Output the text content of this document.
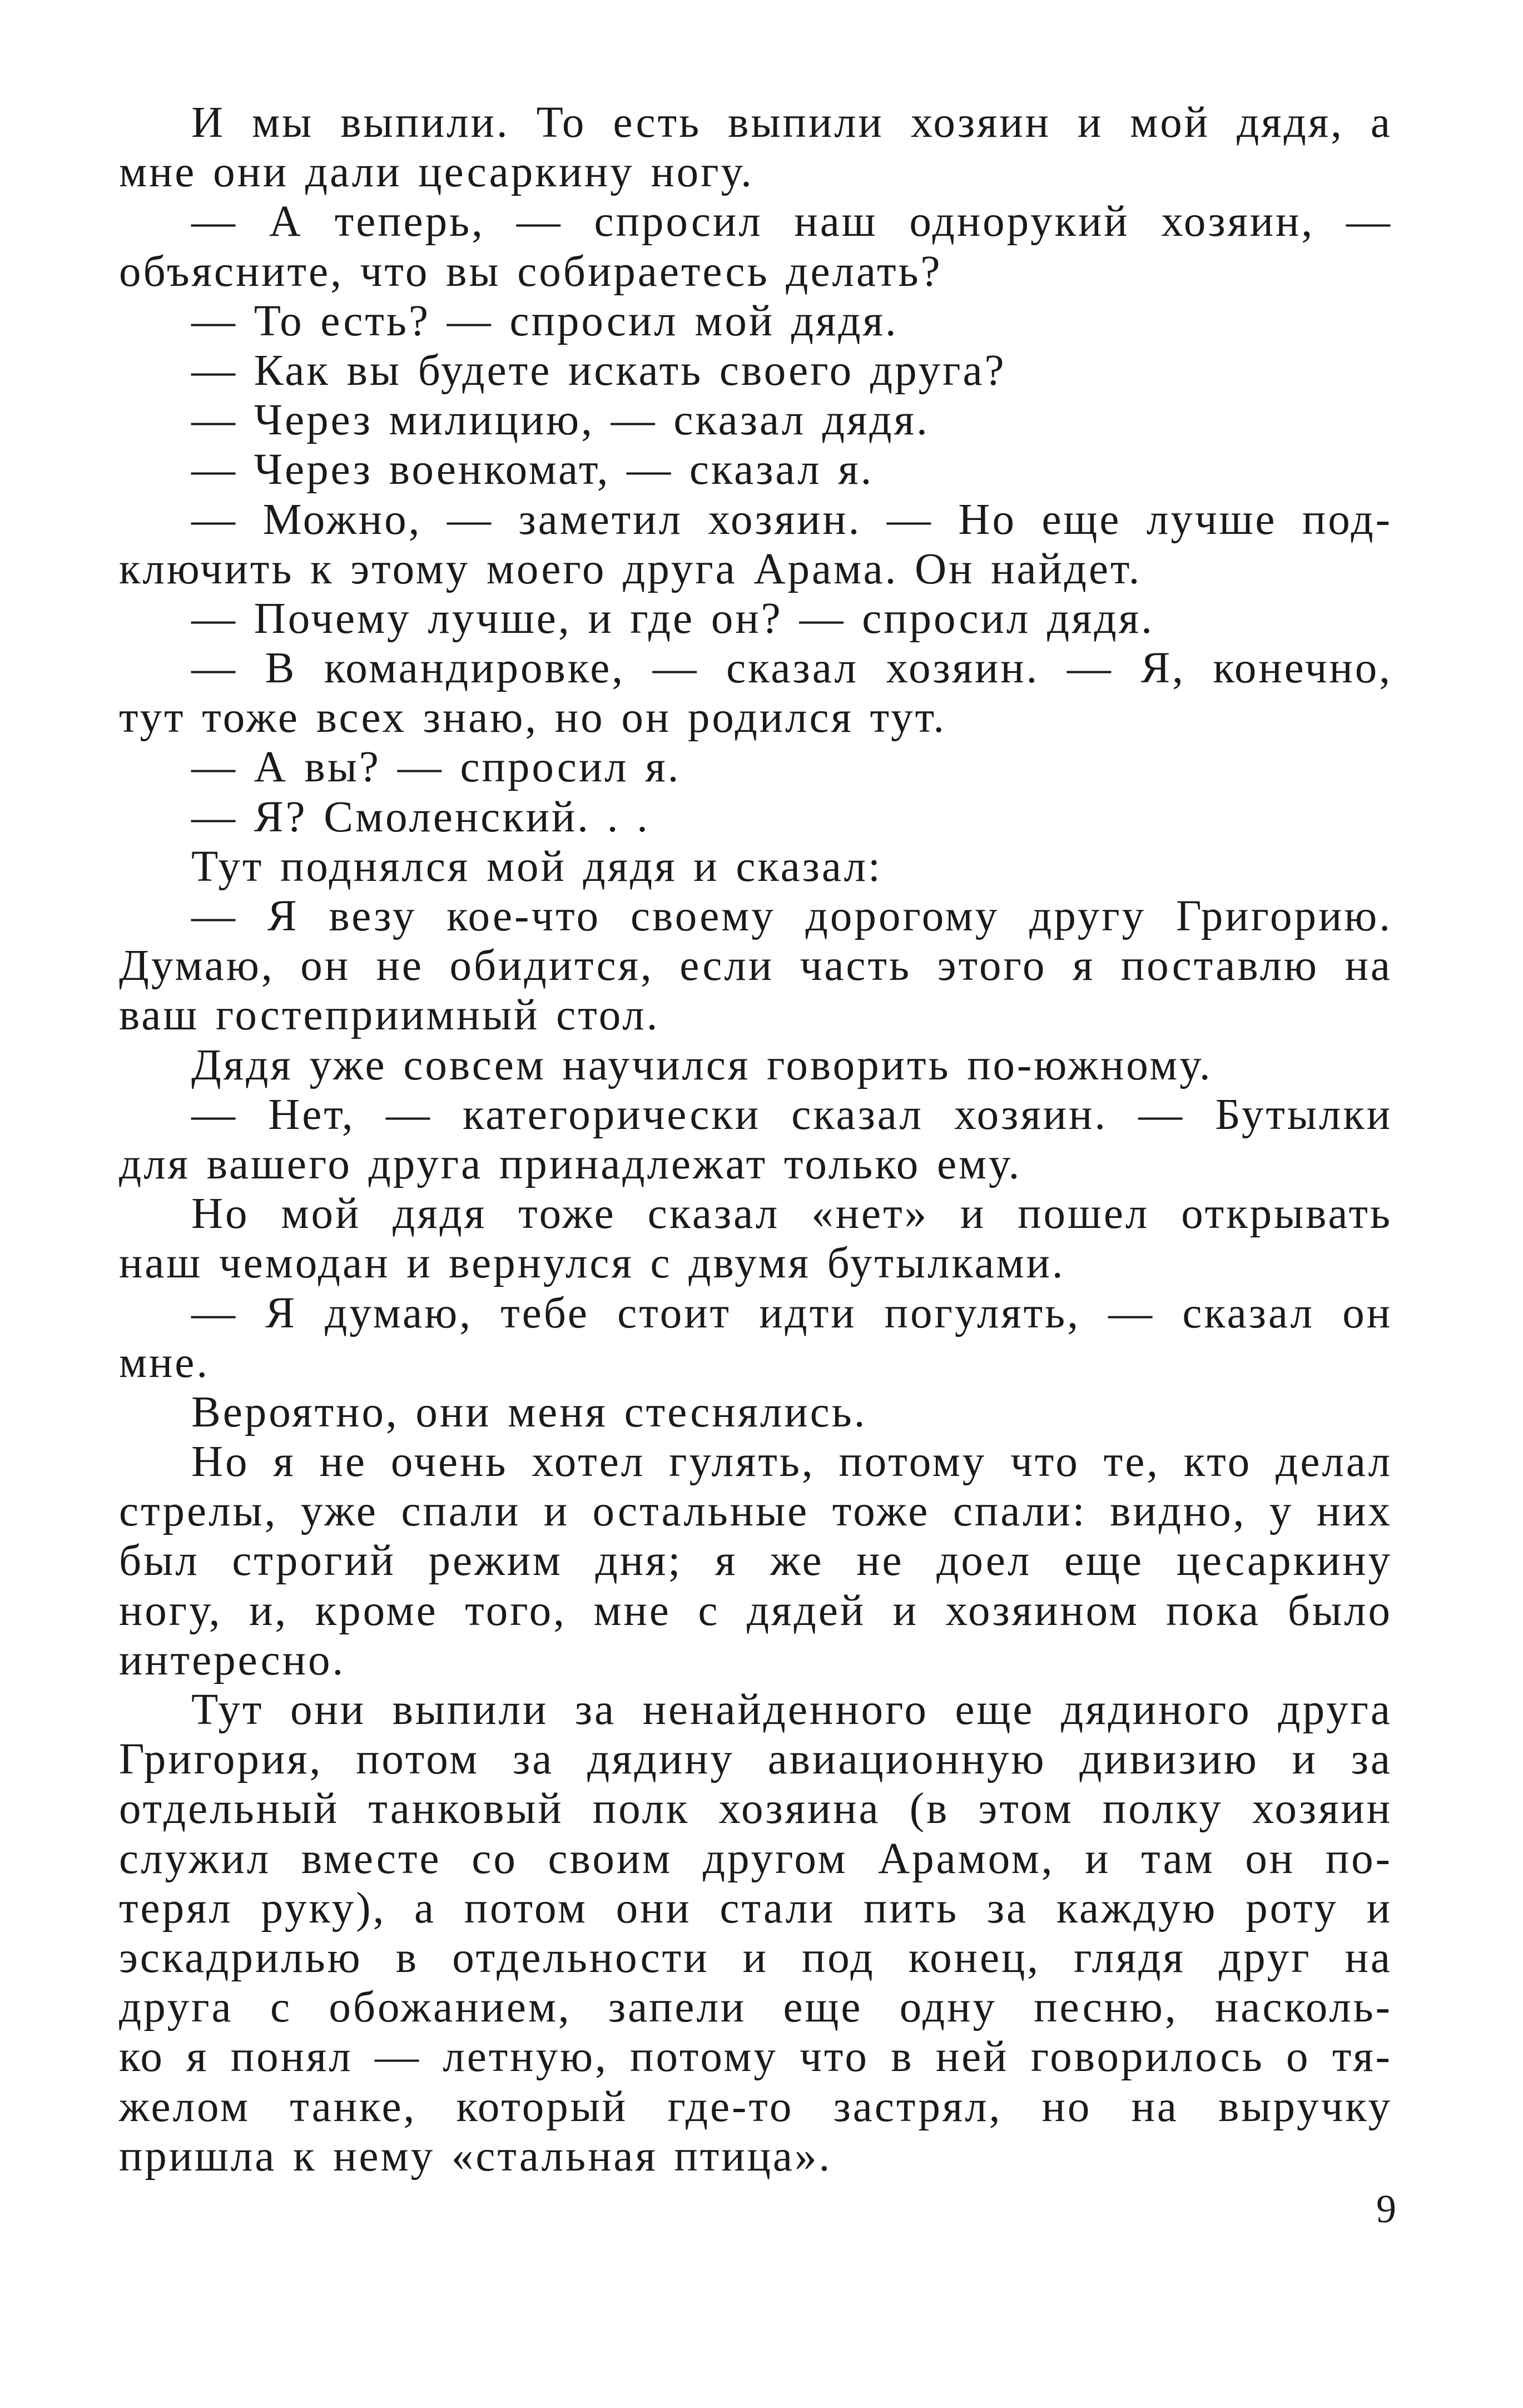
И мы выпили. То есть выпили хозяин и мой дядя, а
мне они дали цесаркину ногу.
— А теперь, — спросил наш однорукий хозяин, —
объясните, что вы собираетесь делать?
— То есть? — спросил мой дядя.
— Как вы будете искать своего друга?
— Через милицию, — сказал дядя.
— Через военкомат, — сказал я.
— Можно, — заметил хозяин. — Но еще лучше под-
ключить к этому моего друга Арама. Он найдет.
— Почему лучше, и где он? — спросил дядя.
— В командировке, — сказал хозяин. — Я, конечно,
тут тоже всех знаю, но он родился тут.
— А вы? — спросил я.
— Я? Смоленский. . .
Тут поднялся мой дядя и сказал:
— Я везу кое-что своему дорогому другу Григорию.
Думаю, он не обидится, если часть этого я поставлю на
ваш гостеприимный стол.
Дядя уже совсем научился говорить по-южному.
— Нет, — категорически сказал хозяин. — Бутылки
для вашего друга принадлежат только ему.
Но мой дядя тоже сказал «нет» и пошел открывать
наш чемодан и вернулся с двумя бутылками.
— Я думаю, тебе стоит идти погулять, — сказал он
мне.
Вероятно, они меня стеснялись.
Но я не очень хотел гулять, потому что те, кто делал
стрелы, уже спали и остальные тоже спали: видно, у них
был строгий режим дня; я же не доел еще цесаркину
ногу, и, кроме того, мне с дядей и хозяином пока было
интересно.
Тут они выпили за ненайденного еще дядиного друга
Григория, потом за дядину авиационную дивизию и за
отдельный танковый полк хозяина (в этом полку хозяин
служил вместе со своим другом Арамом, и там он по-
терял руку), а потом они стали пить за каждую роту и
эскадрилью в отдельности и под конец, глядя друг на
друга с обожанием, запели еще одну песню, насколь-
ко я понял — летную, потому что в ней говорилось о тя-
желом танке, который где-то застрял, но на выручку
пришла к нему «стальная птица».
9
